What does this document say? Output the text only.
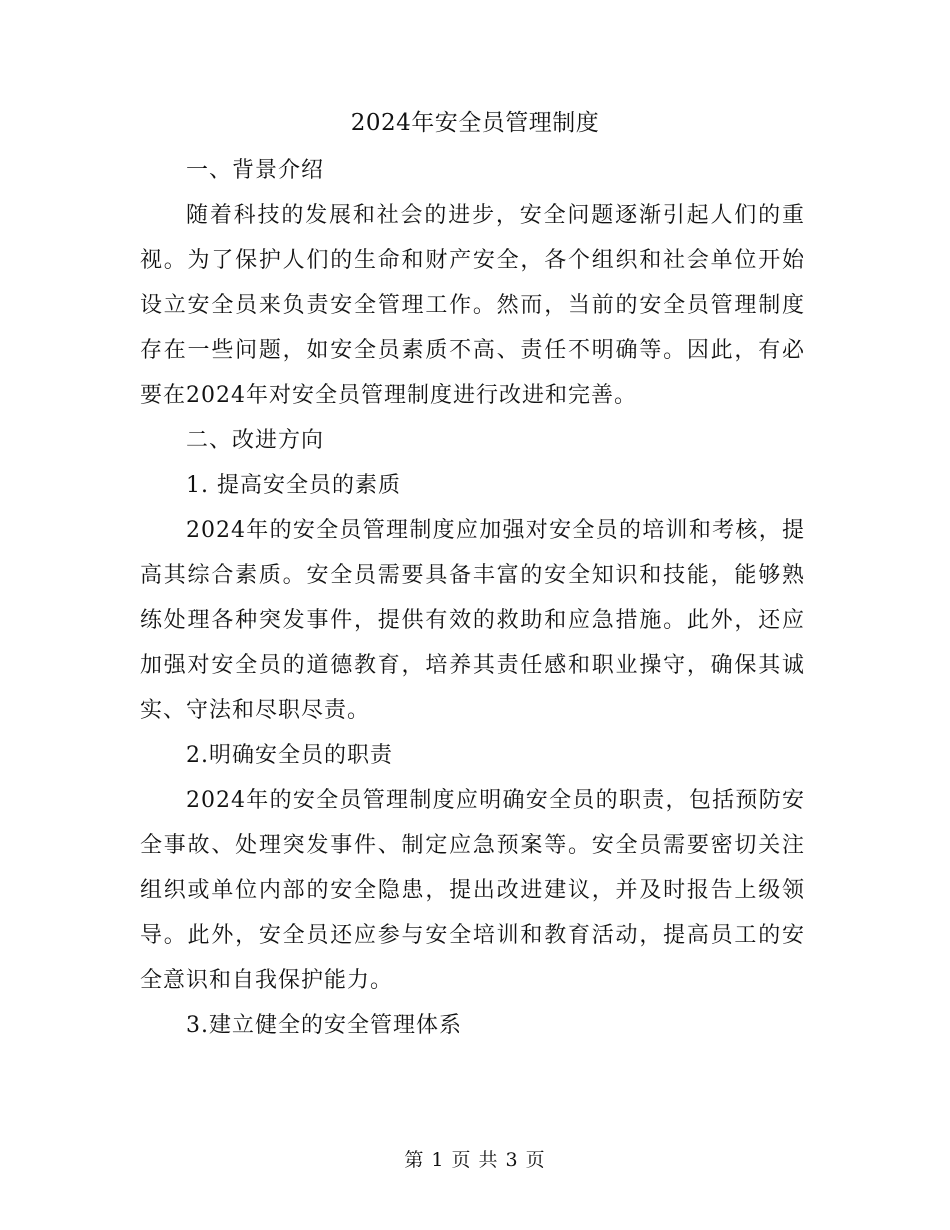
2024年安全员管理制度

一、背景介绍

随着科技的发展和社会的进步，安全问题逐渐引起人们的重视。为了保护人们的生命和财产安全，各个组织和社会单位开始设立安全员来负责安全管理工作。然而，当前的安全员管理制度存在一些问题，如安全员素质不高、责任不明确等。因此，有必要在2024年对安全员管理制度进行改进和完善。

二、改进方向

1. 提高安全员的素质

2024年的安全员管理制度应加强对安全员的培训和考核，提高其综合素质。安全员需要具备丰富的安全知识和技能，能够熟练处理各种突发事件，提供有效的救助和应急措施。此外，还应加强对安全员的道德教育，培养其责任感和职业操守，确保其诚实、守法和尽职尽责。

2.明确安全员的职责

2024年的安全员管理制度应明确安全员的职责，包括预防安全事故、处理突发事件、制定应急预案等。安全员需要密切关注组织或单位内部的安全隐患，提出改进建议，并及时报告上级领导。此外，安全员还应参与安全培训和教育活动，提高员工的安全意识和自我保护能力。

3.建立健全的安全管理体系

第 1 页 共 3 页
